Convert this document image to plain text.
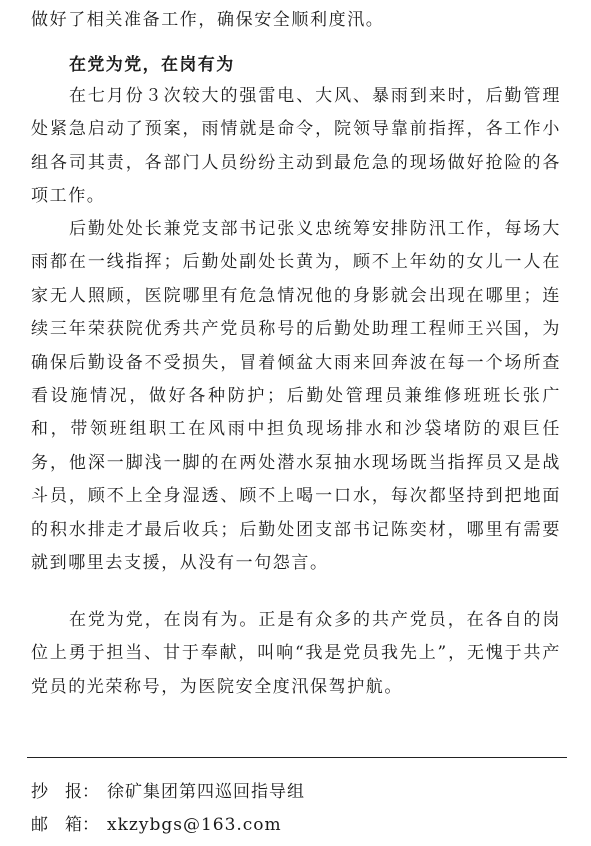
做好了相关准备工作，确保安全顺利度汛。

在党为党，在岗有为

在七月份３次较大的强雷电、大风、暴雨到来时，后勤管理处紧急启动了预案，雨情就是命令，院领导靠前指挥，各工作小组各司其责，各部门人员纷纷主动到最危急的现场做好抢险的各项工作。

后勤处处长兼党支部书记张义忠统筹安排防汛工作，每场大雨都在一线指挥；后勤处副处长黄为，顾不上年幼的女儿一人在家无人照顾，医院哪里有危急情况他的身影就会出现在哪里；连续三年荣获院优秀共产党员称号的后勤处助理工程师王兴国，为确保后勤设备不受损失，冒着倾盆大雨来回奔波在每一个场所查看设施情况，做好各种防护；后勤处管理员兼维修班班长张广和，带领班组职工在风雨中担负现场排水和沙袋堵防的艰巨任务，他深一脚浅一脚的在两处潜水泵抽水现场既当指挥员又是战斗员，顾不上全身湿透、顾不上喝一口水，每次都坚持到把地面的积水排走才最后收兵；后勤处团支部书记陈奕材，哪里有需要就到哪里去支援，从没有一句怨言。

在党为党，在岗有为。正是有众多的共产党员，在各自的岗位上勇于担当、甘于奉献，叫响“我是党员我先上”，无愧于共产党员的光荣称号，为医院安全度汛保驾护航。

抄　报： 徐矿集团第四巡回指导组
邮　箱： xkzybgs@163.com
